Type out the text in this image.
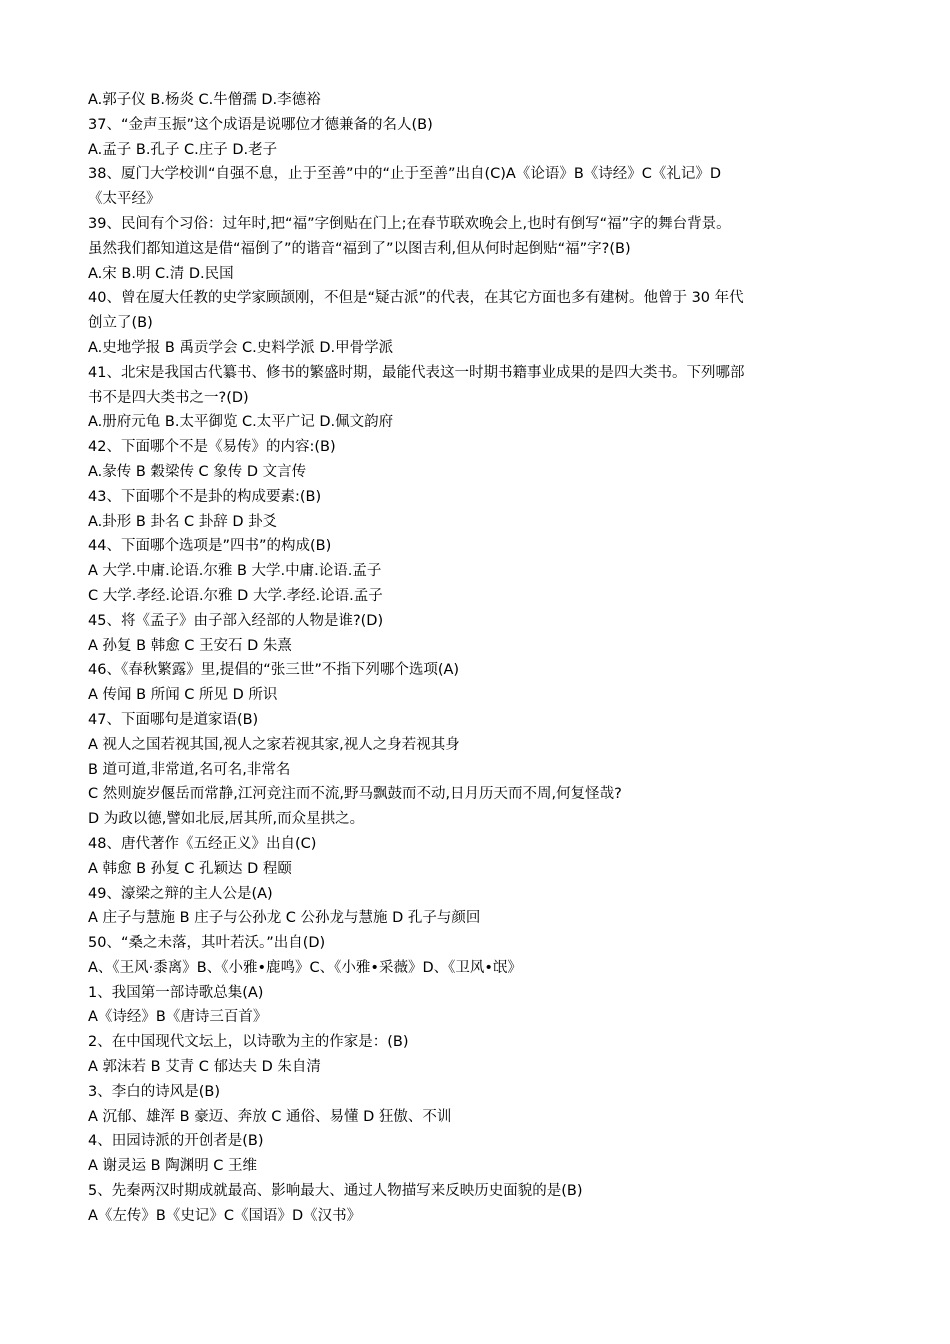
A.郭子仪 B.杨炎 C.牛僧孺 D.李德裕
37、“金声玉振”这个成语是说哪位才德兼备的名人(B)
A.孟子 B.孔子 C.庄子 D.老子
38、厦门大学校训“自强不息，止于至善”中的“止于至善”出自(C)A《论语》B《诗经》C《礼记》D
《太平经》
39、民间有个习俗：过年时,把“福”字倒贴在门上;在春节联欢晚会上,也时有倒写“福”字的舞台背景。
虽然我们都知道这是借“福倒了”的谐音“福到了”以图吉利,但从何时起倒贴“福”字?(B)
A.宋 B.明 C.清 D.民国
40、曾在厦大任教的史学家顾颉刚，不但是“疑古派”的代表，在其它方面也多有建树。他曾于 30 年代
创立了(B)
A.史地学报 B 禹贡学会 C.史料学派 D.甲骨学派
41、北宋是我国古代纂书、修书的繁盛时期，最能代表这一时期书籍事业成果的是四大类书。下列哪部
书不是四大类书之一?(D)
A.册府元龟 B.太平御览 C.太平广记 D.佩文韵府
42、下面哪个不是《易传》的内容:(B)
A.彖传 B 穀梁传 C 象传 D 文言传
43、下面哪个不是卦的构成要素:(B)
A.卦形 B 卦名 C 卦辞 D 卦爻
44、下面哪个选项是”四书”的构成(B)
A 大学.中庸.论语.尔雅 B 大学.中庸.论语.孟子
C 大学.孝经.论语.尔雅 D 大学.孝经.论语.孟子
45、将《孟子》由子部入经部的人物是谁?(D)
A 孙复 B 韩愈 C 王安石 D 朱熹
46、《春秋繁露》里,提倡的“张三世”不指下列哪个选项(A)
A 传闻 B 所闻 C 所见 D 所识
47、下面哪句是道家语(B)
A 视人之国若视其国,视人之家若视其家,视人之身若视其身
B 道可道,非常道,名可名,非常名
C 然则旋岁偃岳而常静,江河竞注而不流,野马飘鼓而不动,日月历天而不周,何复怪哉?
D 为政以德,譬如北辰,居其所,而众星拱之。
48、唐代著作《五经正义》出自(C)
A 韩愈 B 孙复 C 孔颖达 D 程颐
49、濠梁之辩的主人公是(A)
A 庄子与慧施 B 庄子与公孙龙 C 公孙龙与慧施 D 孔子与颜回
50、“桑之未落，其叶若沃。”出自(D)
A、《王风·黍离》B、《小雅•鹿鸣》C、《小雅•采薇》D、《卫风•氓》
1、我国第一部诗歌总集(A)
A《诗经》B《唐诗三百首》
2、在中国现代文坛上，以诗歌为主的作家是：(B)
A 郭沫若 B 艾青 C 郁达夫 D 朱自清
3、李白的诗风是(B)
A 沉郁、雄浑 B 豪迈、奔放 C 通俗、易懂 D 狂傲、不训
4、田园诗派的开创者是(B)
A 谢灵运 B 陶渊明 C 王维
5、先秦两汉时期成就最高、影响最大、通过人物描写来反映历史面貌的是(B)
A《左传》B《史记》C《国语》D《汉书》
